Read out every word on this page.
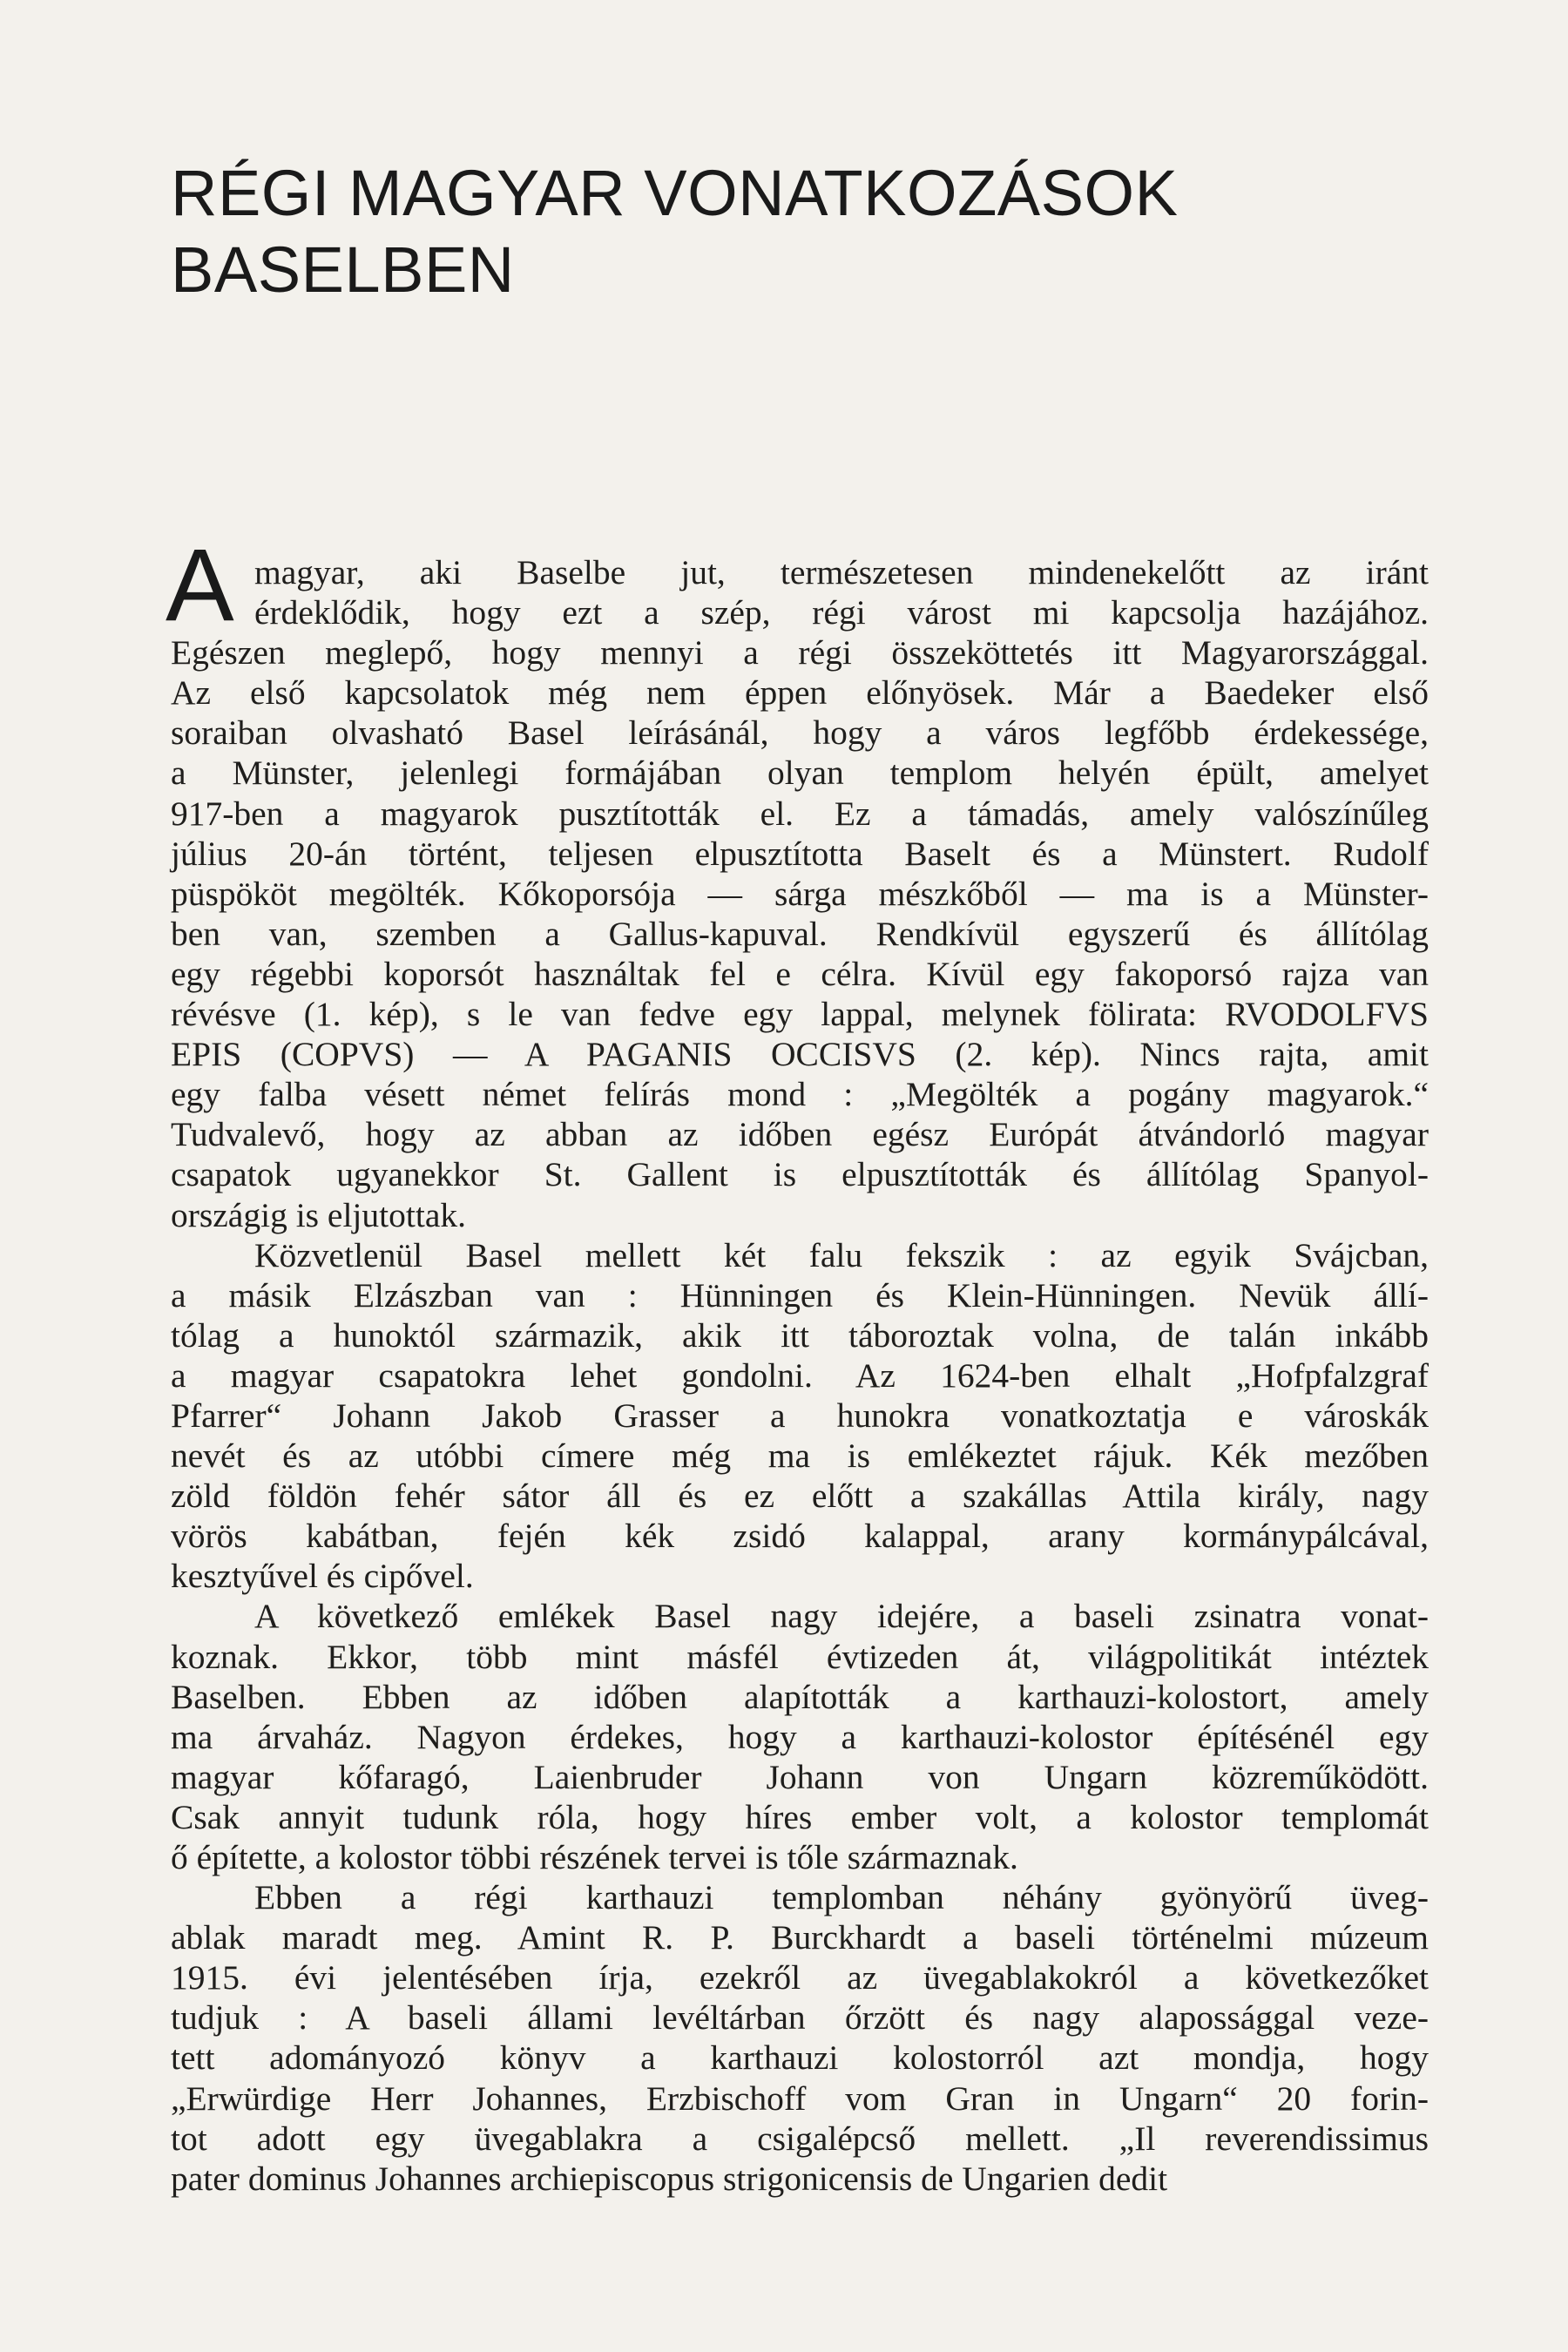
RÉGI MAGYAR VONATKOZÁSOK
BASELBEN
A magyar, aki Baselbe jut, természetesen mindenekelőtt az iránt
érdeklődik, hogy ezt a szép, régi várost mi kapcsolja hazájához.
Egészen meglepő, hogy mennyi a régi összeköttetés itt Magyarországgal.
Az első kapcsolatok még nem éppen előnyösek. Már a Baedeker első
soraiban olvasható Basel leírásánál, hogy a város legfőbb érdekessége,
a Münster, jelenlegi formájában olyan templom helyén épült, amelyet
917-ben a magyarok pusztították el. Ez a támadás, amely valószínűleg
július 20-án történt, teljesen elpusztította Baselt és a Münstert. Rudolf
püspököt megölték. Kőkoporsója — sárga mészkőből — ma is a Münster-
ben van, szemben a Gallus-kapuval. Rendkívül egyszerű és állítólag
egy régebbi koporsót használtak fel e célra. Kívül egy fakoporsó rajza van
révésve (1. kép), s le van fedve egy lappal, melynek fölirata: RVODOLFVS
EPIS (COPVS) — A PAGANIS OCCISVS (2. kép). Nincs rajta, amit
egy falba vésett német felírás mond : „Megölték a pogány magyarok.“
Tudvalevő, hogy az abban az időben egész Európát átvándorló magyar
csapatok ugyanekkor St. Gallent is elpusztították és állítólag Spanyol-
országig is eljutottak.
Közvetlenül Basel mellett két falu fekszik : az egyik Svájcban,
a másik Elzászban van : Hünningen és Klein-Hünningen. Nevük állí-
tólag a hunoktól származik, akik itt táboroztak volna, de talán inkább
a magyar csapatokra lehet gondolni. Az 1624-ben elhalt „Hofpfalzgraf
Pfarrer“ Johann Jakob Grasser a hunokra vonatkoztatja e városkák
nevét és az utóbbi címere még ma is emlékeztet rájuk. Kék mezőben
zöld földön fehér sátor áll és ez előtt a szakállas Attila király, nagy
vörös kabátban, fején kék zsidó kalappal, arany kormánypálcával,
kesztyűvel és cipővel.
A következő emlékek Basel nagy idejére, a baseli zsinatra vonat-
koznak. Ekkor, több mint másfél évtizeden át, világpolitikát intéztek
Baselben. Ebben az időben alapították a karthauzi-kolostort, amely
ma árvaház. Nagyon érdekes, hogy a karthauzi-kolostor építésénél egy
magyar kőfaragó, Laienbruder Johann von Ungarn közreműködött.
Csak annyit tudunk róla, hogy híres ember volt, a kolostor templomát
ő építette, a kolostor többi részének tervei is tőle származnak.
Ebben a régi karthauzi templomban néhány gyönyörű üveg-
ablak maradt meg. Amint R. P. Burckhardt a baseli történelmi múzeum
1915. évi jelentésében írja, ezekről az üvegablakokról a következőket
tudjuk : A baseli állami levéltárban őrzött és nagy alapossággal veze-
tett adományozó könyv a karthauzi kolostorról azt mondja, hogy
„Erwürdige Herr Johannes, Erzbischoff vom Gran in Ungarn“ 20 forin-
tot adott egy üvegablakra a csigalépcső mellett. „Il reverendissimus
pater dominus Johannes archiepiscopus strigonicensis de Ungarien dedit
